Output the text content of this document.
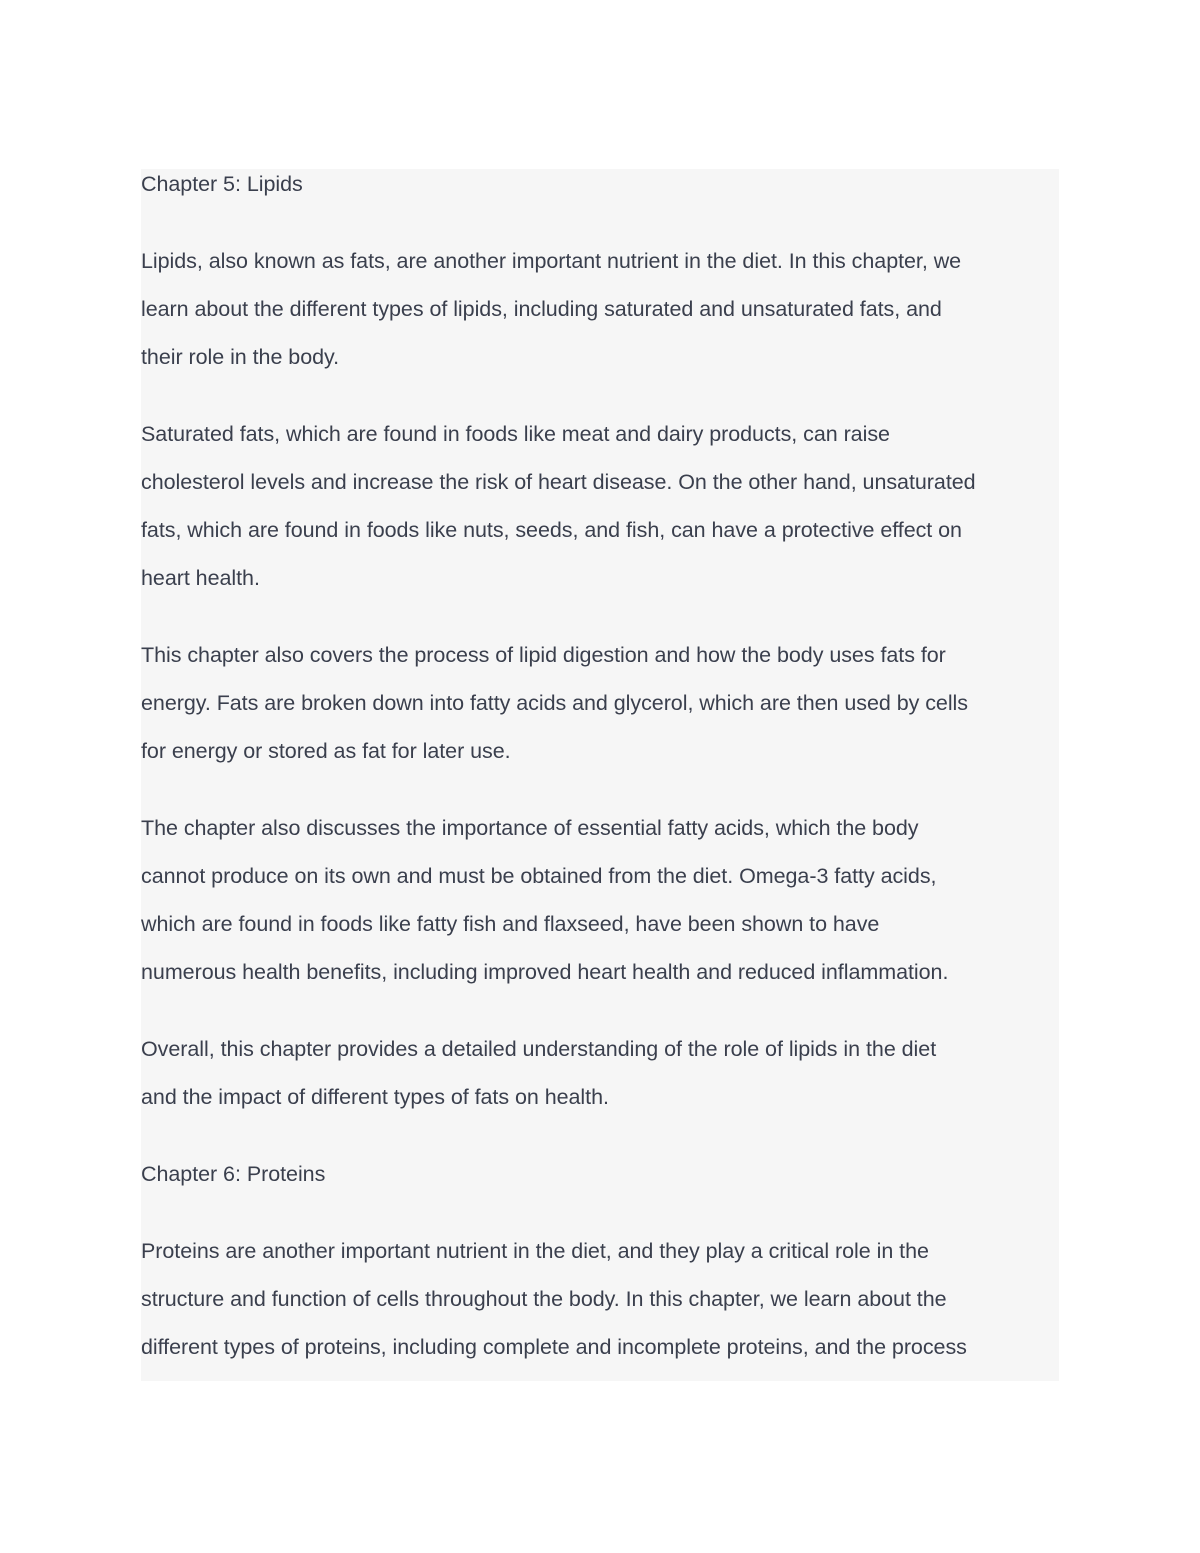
Chapter 5: Lipids
Lipids, also known as fats, are another important nutrient in the diet. In this chapter, we
learn about the different types of lipids, including saturated and unsaturated fats, and
their role in the body.
Saturated fats, which are found in foods like meat and dairy products, can raise
cholesterol levels and increase the risk of heart disease. On the other hand, unsaturated
fats, which are found in foods like nuts, seeds, and fish, can have a protective effect on
heart health.
This chapter also covers the process of lipid digestion and how the body uses fats for
energy. Fats are broken down into fatty acids and glycerol, which are then used by cells
for energy or stored as fat for later use.
The chapter also discusses the importance of essential fatty acids, which the body
cannot produce on its own and must be obtained from the diet. Omega-3 fatty acids,
which are found in foods like fatty fish and flaxseed, have been shown to have
numerous health benefits, including improved heart health and reduced inflammation.
Overall, this chapter provides a detailed understanding of the role of lipids in the diet
and the impact of different types of fats on health.
Chapter 6: Proteins
Proteins are another important nutrient in the diet, and they play a critical role in the
structure and function of cells throughout the body. In this chapter, we learn about the
different types of proteins, including complete and incomplete proteins, and the process
